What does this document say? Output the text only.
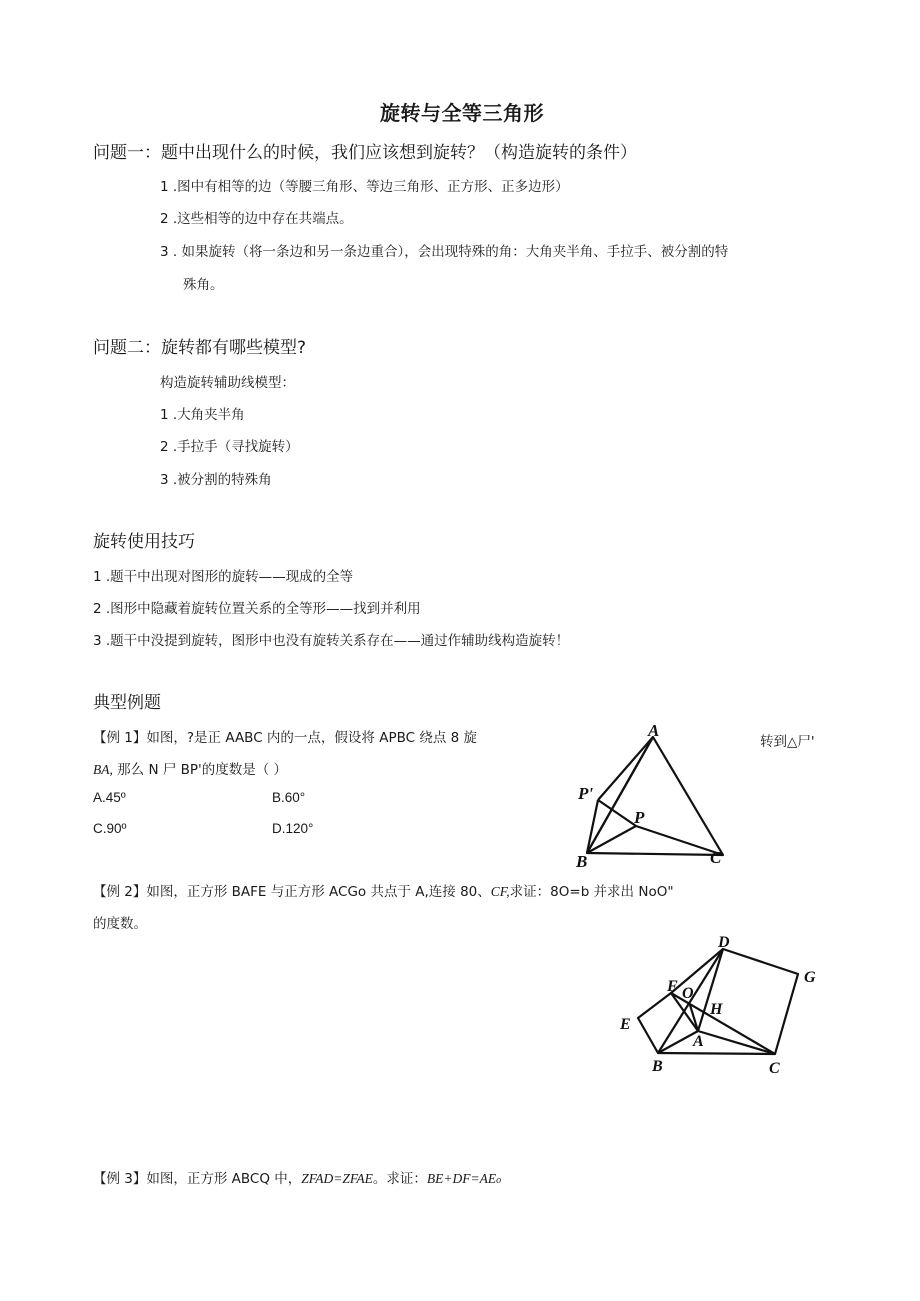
旋转与全等三角形
问题一：题中出现什么的时候，我们应该想到旋转？（构造旋转的条件）
1 .图中有相等的边（等腰三角形、等边三角形、正方形、正多边形）
2 .这些相等的边中存在共端点。
3 . 如果旋转（将一条边和另一条边重合），会出现特殊的角：大角夹半角、手拉手、被分割的特
殊角。
问题二：旋转都有哪些模型?
构造旋转辅助线模型：
1 .大角夹半角
2 .手拉手（寻找旋转）
3 .被分割的特殊角
旋转使用技巧
1 .题干中出现对图形的旋转——现成的全等
2 .图形中隐藏着旋转位置关系的全等形——找到并利用
3 .题干中没提到旋转，图形中也没有旋转关系存在——通过作辅助线构造旋转！
典型例题
【例 1】如图，?是正 AABC 内的一点，假设将 APBC 绕点 8 旋	转到△尸'
BA, 那么 N 尸 BP'的度数是（ ）
A.45º	B.60°
C.90º	D.120°
A
P'
P
B	C
【例 2】如图，正方形 BAFE 与正方形 ACGo 共点于 A,连接 80、CF,求证：8O=b 并求出 NoO"
的度数。
D
G
F O
H
E
A
B	C
【例 3】如图，正方形 ABCQ 中，ZFAD=ZFAE。求证：BE+DF=AEo
